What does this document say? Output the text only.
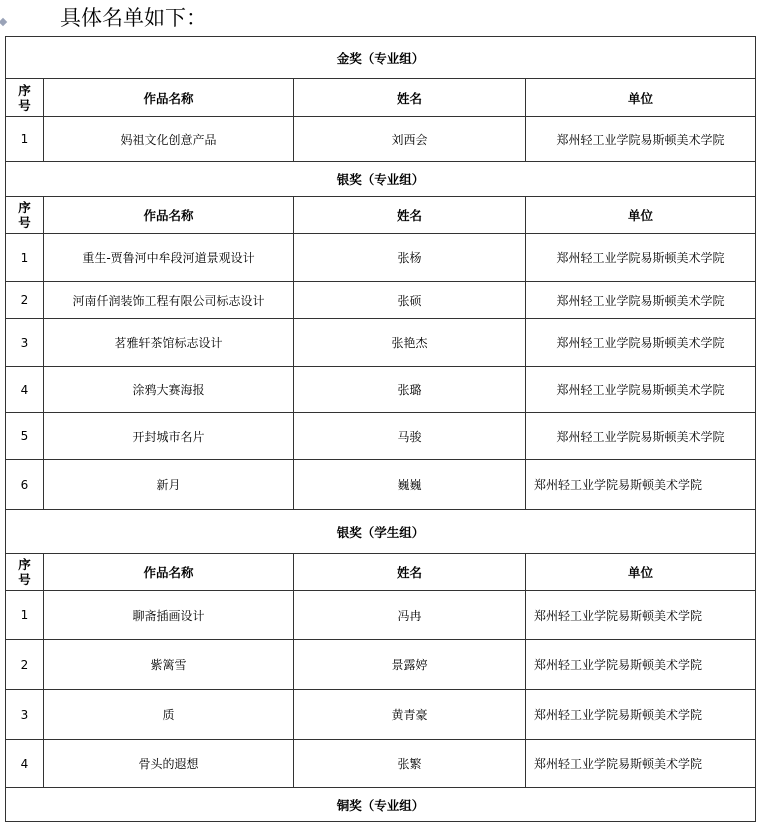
具体名单如下：
金奖（专业组）			
序
号	作品名称	姓名	单位
1	妈祖文化创意产品	刘西会	郑州轻工业学院易斯顿美术学院
银奖（专业组）			
序
号	作品名称	姓名	单位
1	重生-贾鲁河中牟段河道景观设计	张杨	郑州轻工业学院易斯顿美术学院
2	河南仟润装饰工程有限公司标志设计	张硕	郑州轻工业学院易斯顿美术学院
3	茗雅轩茶馆标志设计	张艳杰	郑州轻工业学院易斯顿美术学院
4	涂鸦大赛海报	张璐	郑州轻工业学院易斯顿美术学院
5	开封城市名片	马骏	郑州轻工业学院易斯顿美术学院
6	新月	巍巍	郑州轻工业学院易斯顿美术学院
银奖（学生组）			
序
号	作品名称	姓名	单位
1	聊斋插画设计	冯冉	郑州轻工业学院易斯顿美术学院
2	紫篱雪	景露婷	郑州轻工业学院易斯顿美术学院
3	质	黄青豪	郑州轻工业学院易斯顿美术学院
4	骨头的遐想	张繁	郑州轻工业学院易斯顿美术学院
铜奖（专业组）			
